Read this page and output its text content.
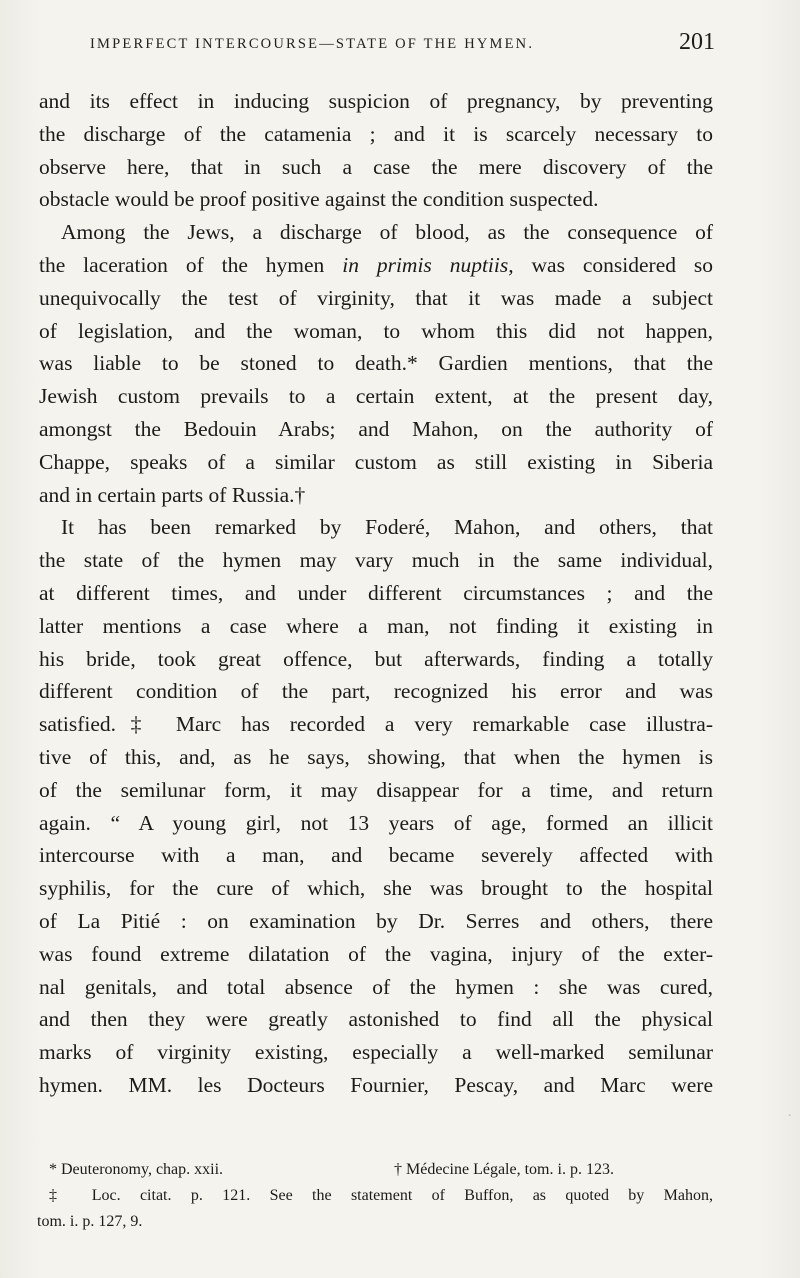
IMPERFECT INTERCOURSE—STATE OF THE HYMEN.	201
and its effect in inducing suspicion of pregnancy, by preventing
the discharge of the catamenia ; and it is scarcely necessary to
observe here, that in such a case the mere discovery of the
obstacle would be proof positive against the condition suspected.
Among the Jews, a discharge of blood, as the consequence of
the laceration of the hymen in primis nuptiis, was considered so
unequivocally the test of virginity, that it was made a subject
of legislation, and the woman, to whom this did not happen,
was liable to be stoned to death.* Gardien mentions, that the
Jewish custom prevails to a certain extent, at the present day,
amongst the Bedouin Arabs; and Mahon, on the authority of
Chappe, speaks of a similar custom as still existing in Siberia
and in certain parts of Russia.†
It has been remarked by Foderé, Mahon, and others, that
the state of the hymen may vary much in the same individual,
at different times, and under different circumstances ; and the
latter mentions a case where a man, not finding it existing in
his bride, took great offence, but afterwards, finding a totally
different condition of the part, recognized his error and was
satisfied.‡ Marc has recorded a very remarkable case illustra-
tive of this, and, as he says, showing, that when the hymen is
of the semilunar form, it may disappear for a time, and return
again. “ A young girl, not 13 years of age, formed an illicit
intercourse with a man, and became severely affected with
syphilis, for the cure of which, she was brought to the hospital
of La Pitié : on examination by Dr. Serres and others, there
was found extreme dilatation of the vagina, injury of the exter-
nal genitals, and total absence of the hymen : she was cured,
and then they were greatly astonished to find all the physical
marks of virginity existing, especially a well-marked semilunar
hymen. MM. les Docteurs Fournier, Pescay, and Marc were
* Deuteronomy, chap. xxii.	† Médecine Légale, tom. i. p. 123.
‡ Loc. citat. p. 121. See the statement of Buffon, as quoted by Mahon,
tom. i. p. 127, 9.
·
